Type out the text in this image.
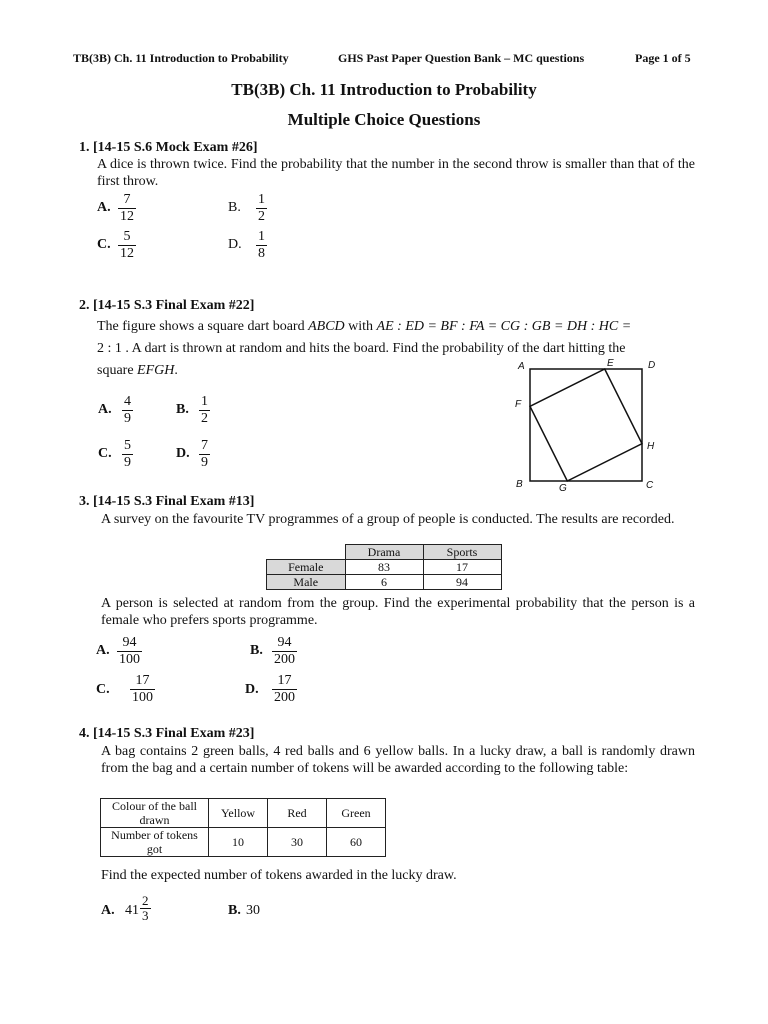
TB(3B) Ch. 11 Introduction to Probability	GHS Past Paper Question Bank – MC questions	Page 1 of 5
TB(3B) Ch. 11 Introduction to Probability
Multiple Choice Questions
1. [14-15 S.6 Mock Exam #26]
A dice is thrown twice. Find the probability that the number in the second throw is smaller than that of the first throw.
A. $\frac{7}{12}$	B. $\frac{1}{2}$
C. $\frac{5}{12}$	D. $\frac{1}{8}$
2. [14-15 S.3 Final Exam #22]
The figure shows a square dart board ABCD with AE : ED = BF : FA = CG : GB = DH : HC =
2 : 1 . A dart is thrown at random and hits the board. Find the probability of the dart hitting the
square EFGH.	A	E	D
F
H
B	G	C
A. $\frac{4}{9}$	B. $\frac{1}{2}$
C. $\frac{5}{9}$	D. $\frac{7}{9}$
3. [14-15 S.3 Final Exam #13]
A survey on the favourite TV programmes of a group of people is conducted. The results are recorded.
	Drama	Sports
Female	83	17
Male	6	94
A person is selected at random from the group. Find the experimental probability that the person is a female who prefers sports programme.
A. $\frac{94}{100}$	B. $\frac{94}{200}$
C. $\frac{17}{100}$	D. $\frac{17}{200}$
4. [14-15 S.3 Final Exam #23]
A bag contains 2 green balls, 4 red balls and 6 yellow balls. In a lucky draw, a ball is randomly drawn from the bag and a certain number of tokens will be awarded according to the following table:
Colour of the ball drawn	Yellow	Red	Green
Number of tokens got	10	30	60
Find the expected number of tokens awarded in the lucky draw.
A. $41 \frac{2}{3}$	B. 30
